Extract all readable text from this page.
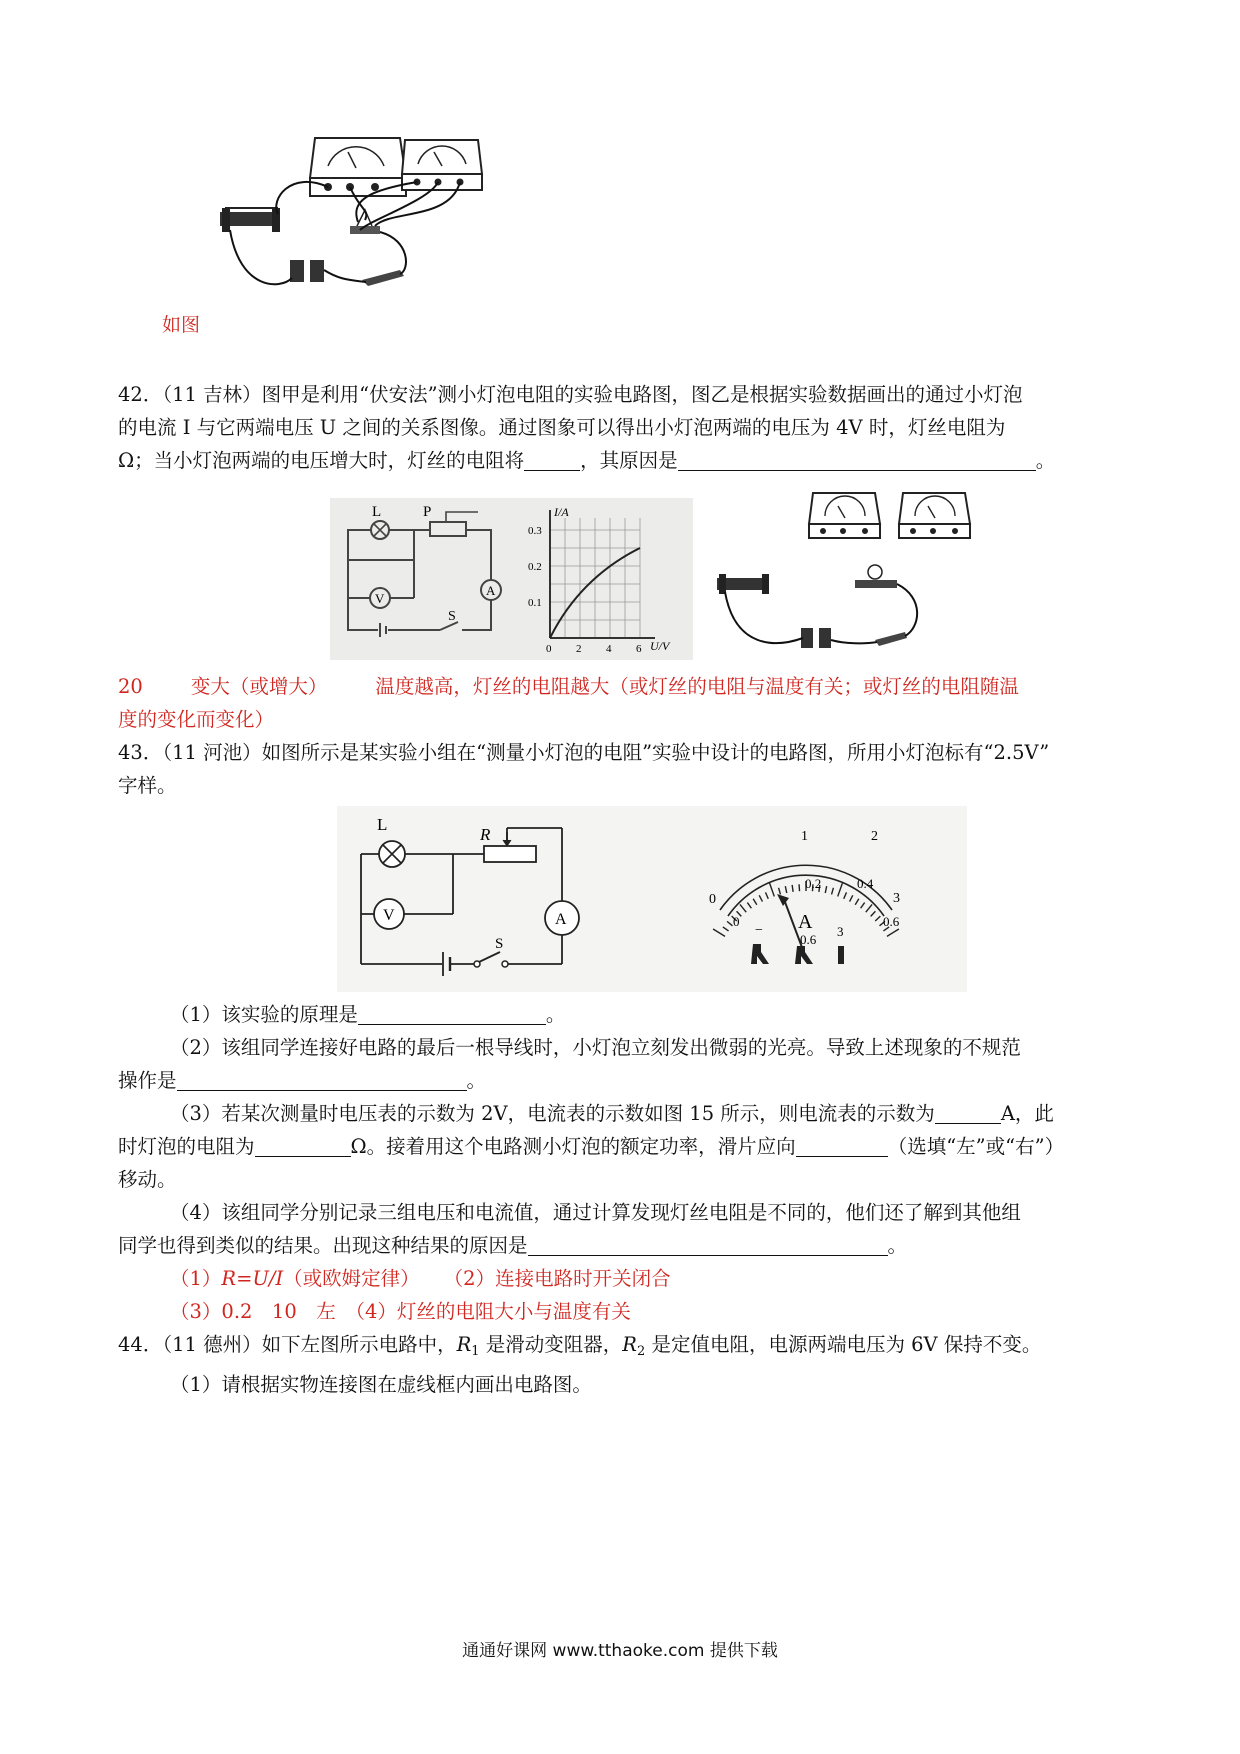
如图

42．（11 吉林）图甲是利用“伏安法”测小灯泡电阻的实验电路图，图乙是根据实验数据画出的通过小灯泡

的电流 I 与它两端电压 U 之间的关系图像。通过图象可以得出小灯泡两端的电压为 4V 时，灯丝电阻为

Ω；当小灯泡两端的电压增大时，灯丝的电阻将	，其原因是	。

L	P
V
A
S
I/A
U/V
0.3
0.2
0.1
0 2 4 6

20 变大（或增大） 温度越高，灯丝的电阻越大（或灯丝的电阻与温度有关；或灯丝的电阻随温

度的变化而变化）

43．（11 河池）如图所示是某实验小组在“测量小灯泡的电阻”实验中设计的电路图，所用小灯泡标有“2.5V”

字样。

R
L
V	A
S
0
1	2
3
0
0.2	0.4
0.6
A
0.6
3
−

（1）该实验的原理是	。

（2）该组同学连接好电路的最后一根导线时，小灯泡立刻发出微弱的光亮。导致上述现象的不规范

操作是	。

（3）若某次测量时电压表的示数为 2V，电流表的示数如图 15 所示，则电流表的示数为	A，此

时灯泡的电阻为	Ω。接着用这个电路测小灯泡的额定功率，滑片应向	（选填“左”或“右”）

移动。

（4）该组同学分别记录三组电压和电流值，通过计算发现灯丝电阻是不同的，他们还了解到其他组

同学也得到类似的结果。出现这种结果的原因是	。

（1）R=U/I（或欧姆定律） （2）连接电路时开关闭合

（3）0.2　10　左　（4）灯丝的电阻大小与温度有关

44．（11 德州）如下左图所示电路中，$R_1$ 是滑动变阻器，$R_2$ 是定值电阻，电源两端电压为 6V 保持不变。

（1）请根据实物连接图在虚线框内画出电路图。

通通好课网 www.tthaoke.com 提供下载
